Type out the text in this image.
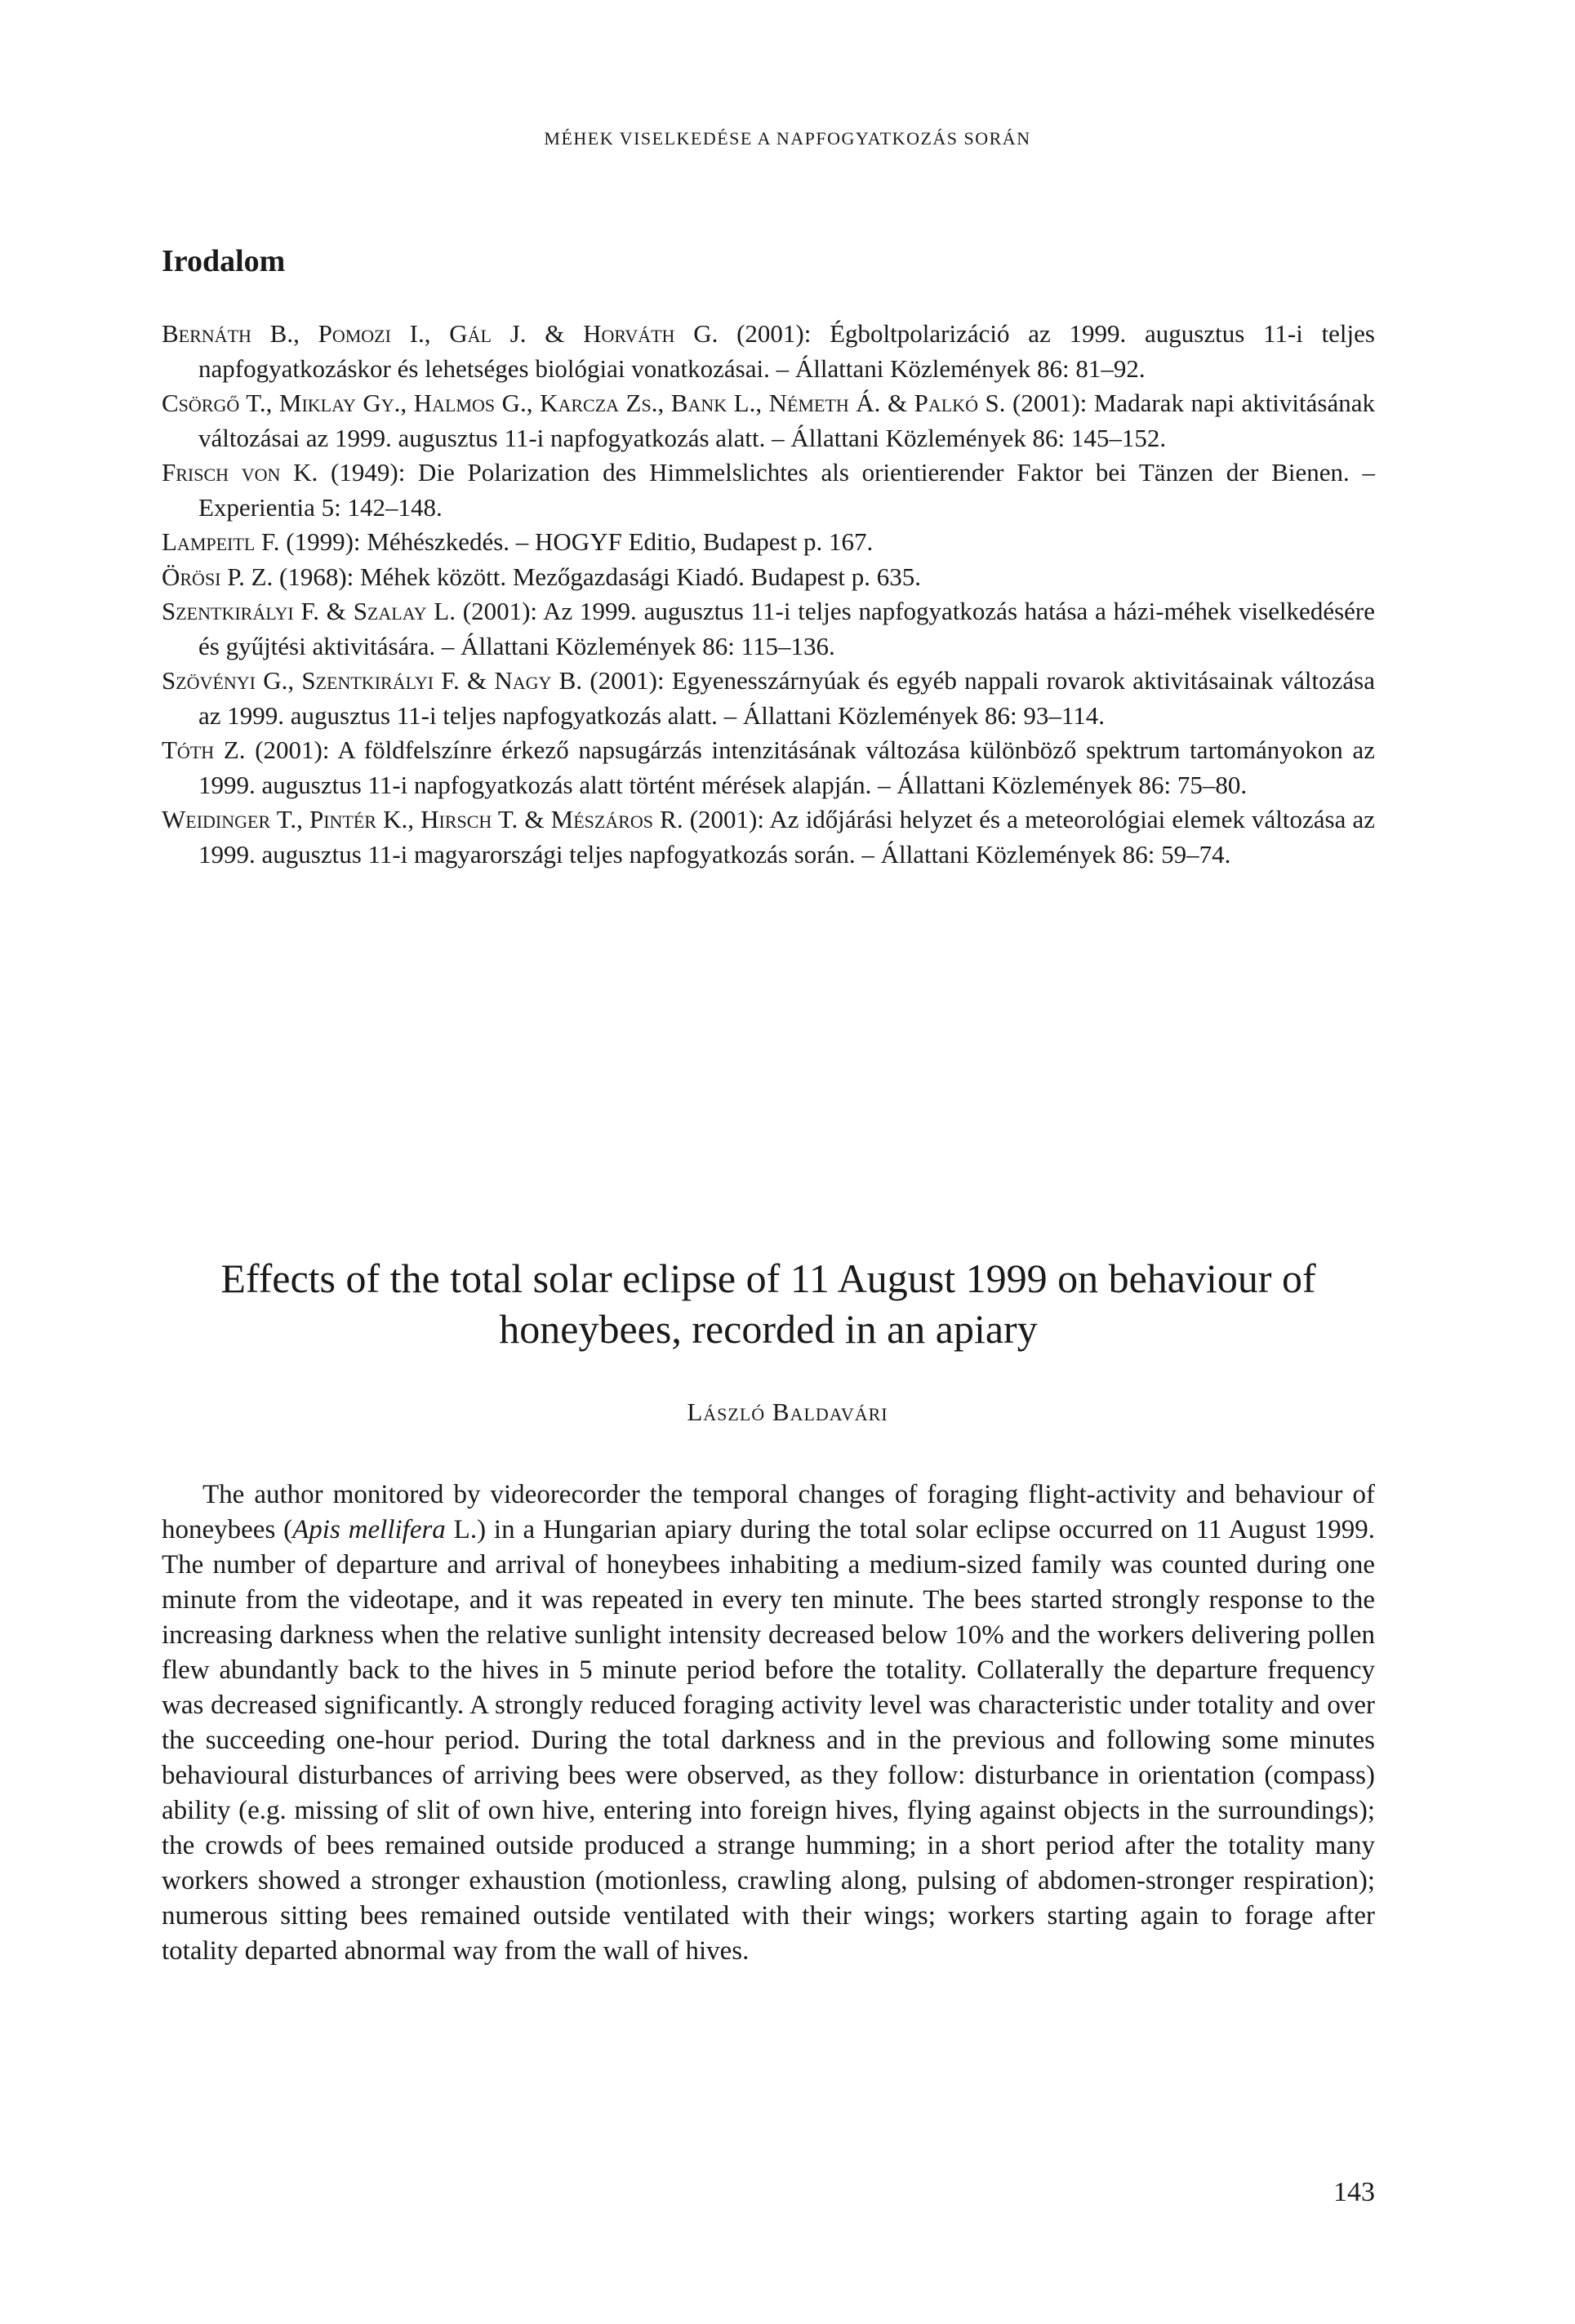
MÉHEK VISELKEDÉSE A NAPFOGYATKOZÁS SORÁN
Irodalom
Bernáth B., Pomozi I., Gál J. & Horváth G. (2001): Égboltpolarizáció az 1999. augusztus 11-i teljes napfogyatkozáskor és lehetséges biológiai vonatkozásai. – Állattani Közlemények 86: 81–92.
Csörgő T., Miklay Gy., Halmos G., Karcza Zs., Bank L., Németh Á. & Palkó S. (2001): Madarak napi aktivitásának változásai az 1999. augusztus 11-i napfogyatkozás alatt. – Állattani Közlemények 86: 145–152.
Frisch von K. (1949): Die Polarization des Himmelslichtes als orientierender Faktor bei Tänzen der Bienen. – Experientia 5: 142–148.
Lampeitl F. (1999): Méhészkedés. – HOGYF Editio, Budapest p. 167.
Örösi P. Z. (1968): Méhek között. Mezőgazdasági Kiadó. Budapest p. 635.
Szentkirályi F. & Szalay L. (2001): Az 1999. augusztus 11-i teljes napfogyatkozás hatása a házi-méhek viselkedésére és gyűjtési aktivitására. – Állattani Közlemények 86: 115–136.
Szövényi G., Szentkirályi F. & Nagy B. (2001): Egyenesszárnyúak és egyéb nappali rovarok aktivitásainak változása az 1999. augusztus 11-i teljes napfogyatkozás alatt. – Állattani Közlemények 86: 93–114.
Tóth Z. (2001): A földfelszínre érkező napsugárzás intenzitásának változása különböző spektrum tartományokon az 1999. augusztus 11-i napfogyatkozás alatt történt mérések alapján. – Állattani Közlemények 86: 75–80.
Weidinger T., Pintér K., Hirsch T. & Mészáros R. (2001): Az időjárási helyzet és a meteorológiai elemek változása az 1999. augusztus 11-i magyarországi teljes napfogyatkozás során. – Állattani Közlemények 86: 59–74.
Effects of the total solar eclipse of 11 August 1999 on behaviour of honeybees, recorded in an apiary
László Baldavári

The author monitored by videorecorder the temporal changes of foraging flight-activity and behaviour of honeybees (Apis mellifera L.) in a Hungarian apiary during the total solar eclipse occurred on 11 August 1999. The number of departure and arrival of honeybees inhabiting a medium-sized family was counted during one minute from the videotape, and it was repeated in every ten minute. The bees started strongly response to the increasing darkness when the relative sunlight intensity decreased below 10% and the workers delivering pollen flew abundantly back to the hives in 5 minute period before the totality. Collaterally the departure frequency was decreased significantly. A strongly reduced foraging activity level was characteristic under totality and over the succeeding one-hour period. During the total darkness and in the previous and following some minutes behavioural disturbances of arriving bees were observed, as they follow: disturbance in orientation (compass) ability (e.g. missing of slit of own hive, entering into foreign hives, flying against objects in the surroundings); the crowds of bees remained outside produced a strange humming; in a short period after the totality many workers showed a stronger exhaustion (motionless, crawling along, pulsing of abdomen-stronger respiration); numerous sitting bees remained outside ventilated with their wings; workers starting again to forage after totality departed abnormal way from the wall of hives.

143
